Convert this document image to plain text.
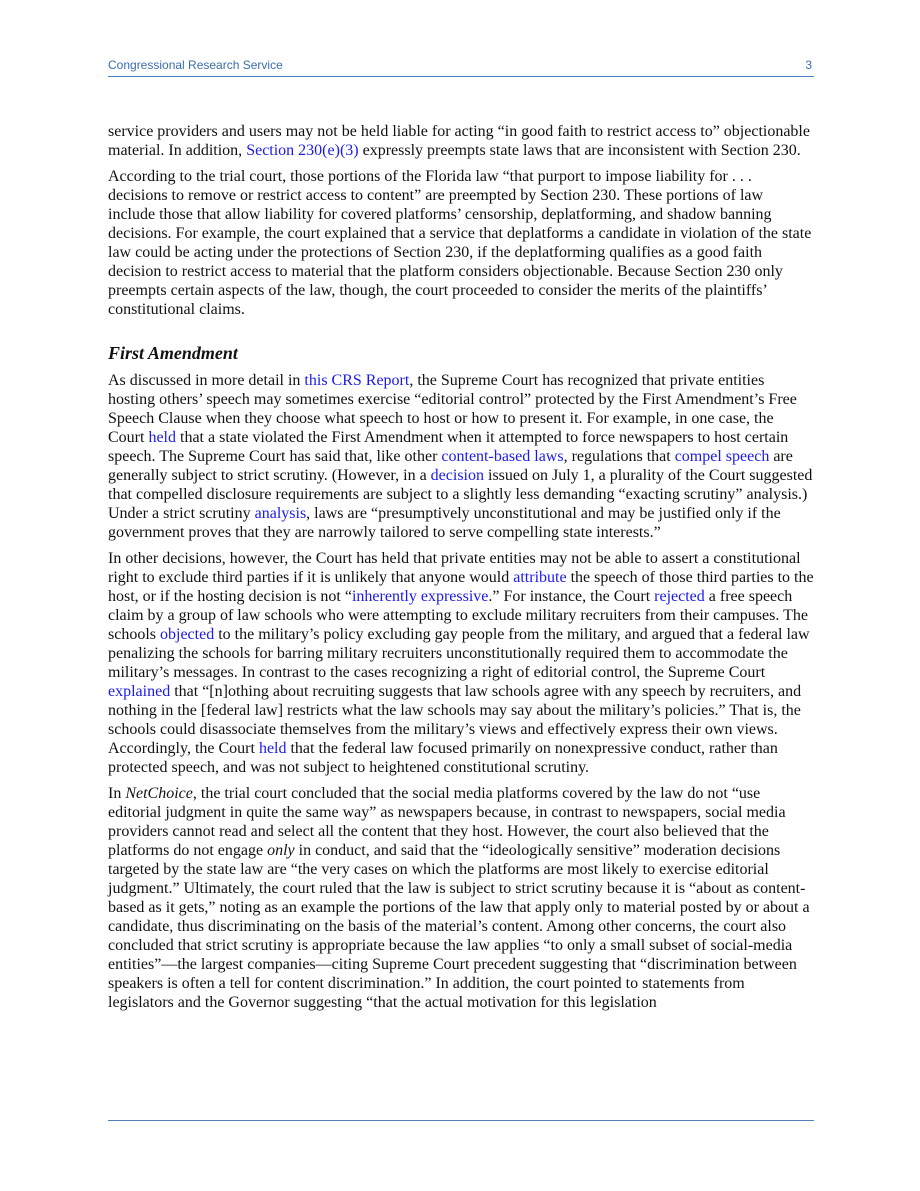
Congressional Research Service	3

service providers and users may not be held liable for acting “in good faith to restrict access to” objectionable material. In addition, Section 230(e)(3) expressly preempts state laws that are inconsistent with Section 230.

According to the trial court, those portions of the Florida law “that purport to impose liability for . . . decisions to remove or restrict access to content” are preempted by Section 230. These portions of law include those that allow liability for covered platforms’ censorship, deplatforming, and shadow banning decisions. For example, the court explained that a service that deplatforms a candidate in violation of the state law could be acting under the protections of Section 230, if the deplatforming qualifies as a good faith decision to restrict access to material that the platform considers objectionable. Because Section 230 only preempts certain aspects of the law, though, the court proceeded to consider the merits of the plaintiffs’ constitutional claims.

First Amendment

As discussed in more detail in this CRS Report, the Supreme Court has recognized that private entities hosting others’ speech may sometimes exercise “editorial control” protected by the First Amendment’s Free Speech Clause when they choose what speech to host or how to present it. For example, in one case, the Court held that a state violated the First Amendment when it attempted to force newspapers to host certain speech. The Supreme Court has said that, like other content-based laws, regulations that compel speech are generally subject to strict scrutiny. (However, in a decision issued on July 1, a plurality of the Court suggested that compelled disclosure requirements are subject to a slightly less demanding “exacting scrutiny” analysis.) Under a strict scrutiny analysis, laws are “presumptively unconstitutional and may be justified only if the government proves that they are narrowly tailored to serve compelling state interests.”

In other decisions, however, the Court has held that private entities may not be able to assert a constitutional right to exclude third parties if it is unlikely that anyone would attribute the speech of those third parties to the host, or if the hosting decision is not “inherently expressive.” For instance, the Court rejected a free speech claim by a group of law schools who were attempting to exclude military recruiters from their campuses. The schools objected to the military’s policy excluding gay people from the military, and argued that a federal law penalizing the schools for barring military recruiters unconstitutionally required them to accommodate the military’s messages. In contrast to the cases recognizing a right of editorial control, the Supreme Court explained that “[n]othing about recruiting suggests that law schools agree with any speech by recruiters, and nothing in the [federal law] restricts what the law schools may say about the military’s policies.” That is, the schools could disassociate themselves from the military’s views and effectively express their own views. Accordingly, the Court held that the federal law focused primarily on nonexpressive conduct, rather than protected speech, and was not subject to heightened constitutional scrutiny.

In NetChoice, the trial court concluded that the social media platforms covered by the law do not “use editorial judgment in quite the same way” as newspapers because, in contrast to newspapers, social media providers cannot read and select all the content that they host. However, the court also believed that the platforms do not engage only in conduct, and said that the “ideologically sensitive” moderation decisions targeted by the state law are “the very cases on which the platforms are most likely to exercise editorial judgment.” Ultimately, the court ruled that the law is subject to strict scrutiny because it is “about as content-based as it gets,” noting as an example the portions of the law that apply only to material posted by or about a candidate, thus discriminating on the basis of the material’s content. Among other concerns, the court also concluded that strict scrutiny is appropriate because the law applies “to only a small subset of social-media entities”—the largest companies—citing Supreme Court precedent suggesting that “discrimination between speakers is often a tell for content discrimination.” In addition, the court pointed to statements from legislators and the Governor suggesting “that the actual motivation for this legislation
